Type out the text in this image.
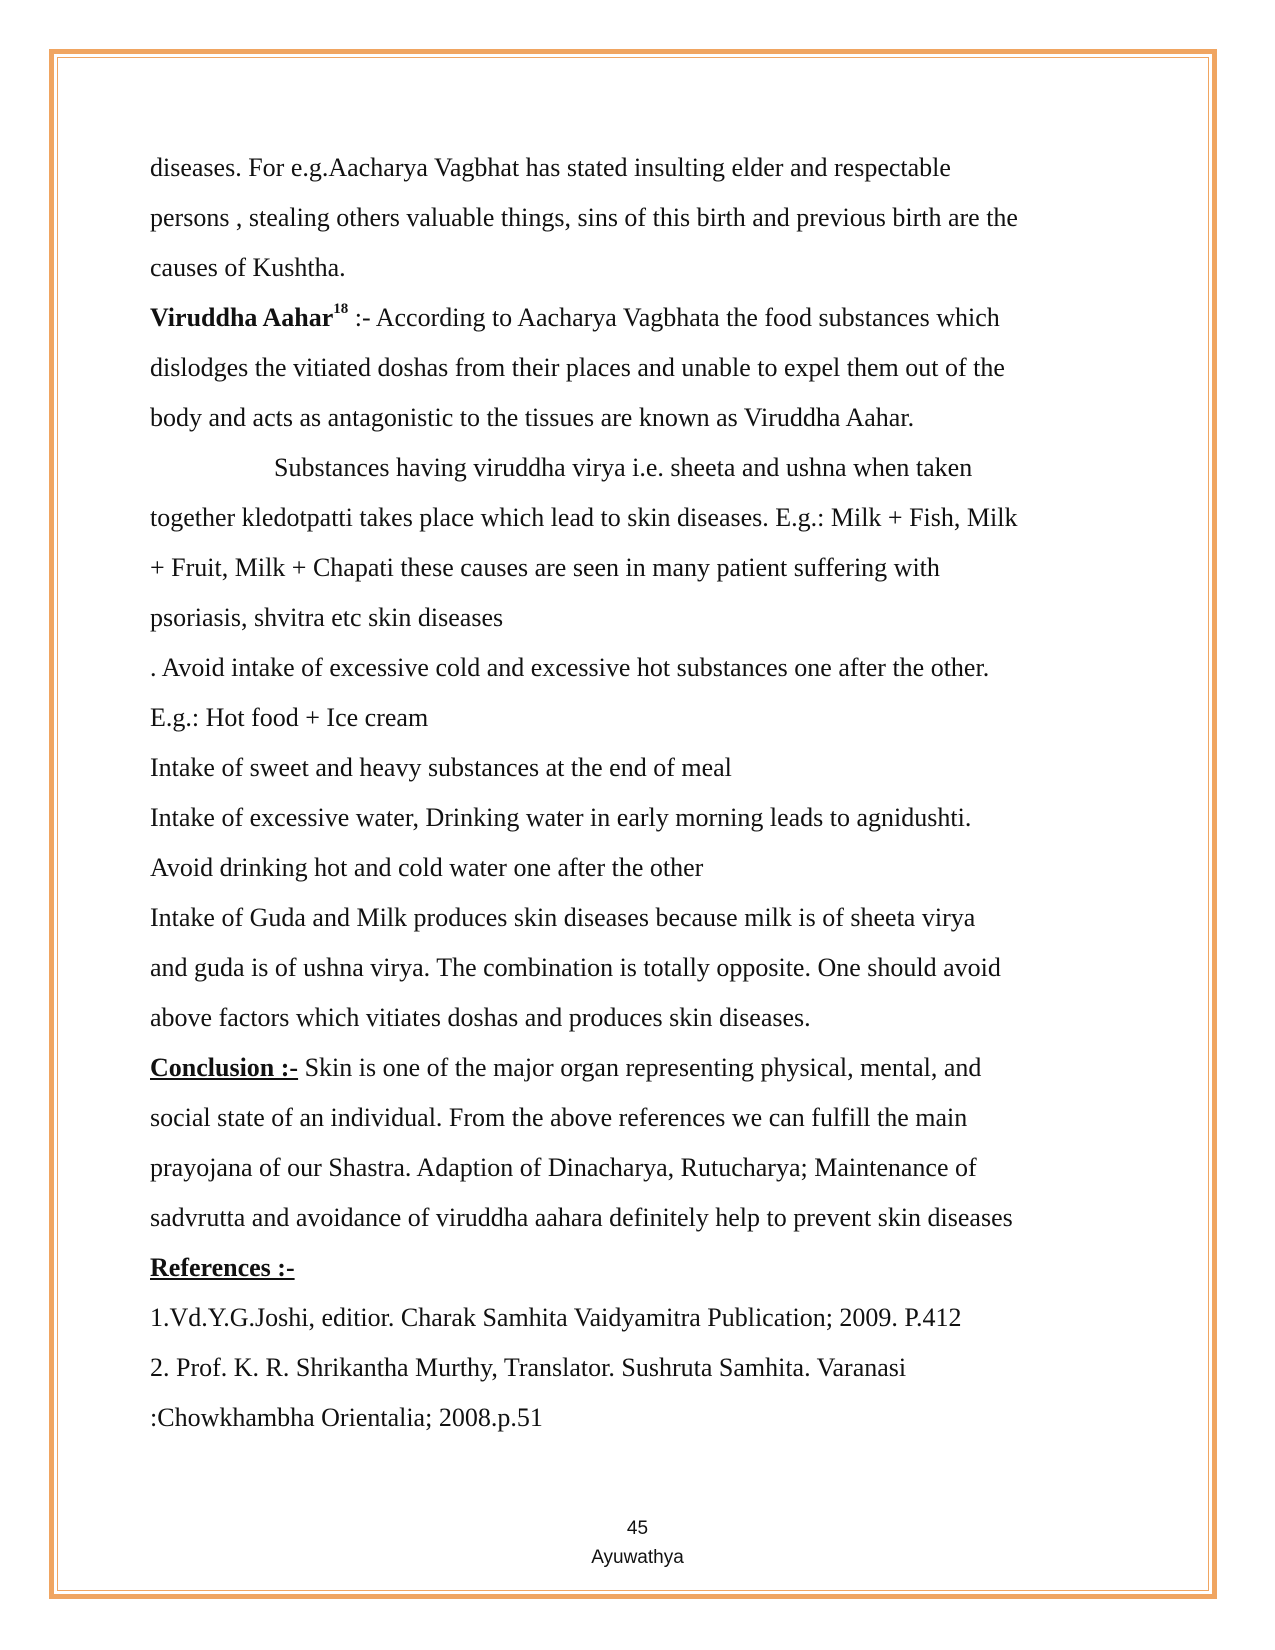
diseases. For e.g.Aacharya Vagbhat has stated insulting elder and respectable

persons , stealing others valuable things, sins of this birth and previous birth are the

causes of Kushtha.

Viruddha Aahar$^{18}$ :- According to Aacharya Vagbhata the food substances which

dislodges the vitiated doshas from their places and unable to expel them out of the

body and acts as antagonistic to the tissues are known as Viruddha Aahar.

Substances having viruddha virya i.e. sheeta and ushna when taken

together kledotpatti takes place which lead to skin diseases. E.g.: Milk + Fish, Milk

+ Fruit, Milk + Chapati these causes are seen in many patient suffering with

psoriasis, shvitra etc skin diseases

. Avoid intake of excessive cold and excessive hot substances one after the other.

E.g.: Hot food + Ice cream

Intake of sweet and heavy substances at the end of meal

Intake of excessive water, Drinking water in early morning leads to agnidushti.

Avoid drinking hot and cold water one after the other

Intake of Guda and Milk produces skin diseases because milk is of sheeta virya

and guda is of ushna virya. The combination is totally opposite. One should avoid

above factors which vitiates doshas and produces skin diseases.

Conclusion :- Skin is one of the major organ representing physical, mental, and

social state of an individual. From the above references we can fulfill the main

prayojana of our Shastra. Adaption of Dinacharya, Rutucharya; Maintenance of

sadvrutta and avoidance of viruddha aahara definitely help to prevent skin diseases

References :-

1.Vd.Y.G.Joshi, editior. Charak Samhita Vaidyamitra Publication; 2009. P.412

2. Prof. K. R. Shrikantha Murthy, Translator. Sushruta Samhita. Varanasi

:Chowkhambha Orientalia; 2008.p.51

45
Ayuwathya
